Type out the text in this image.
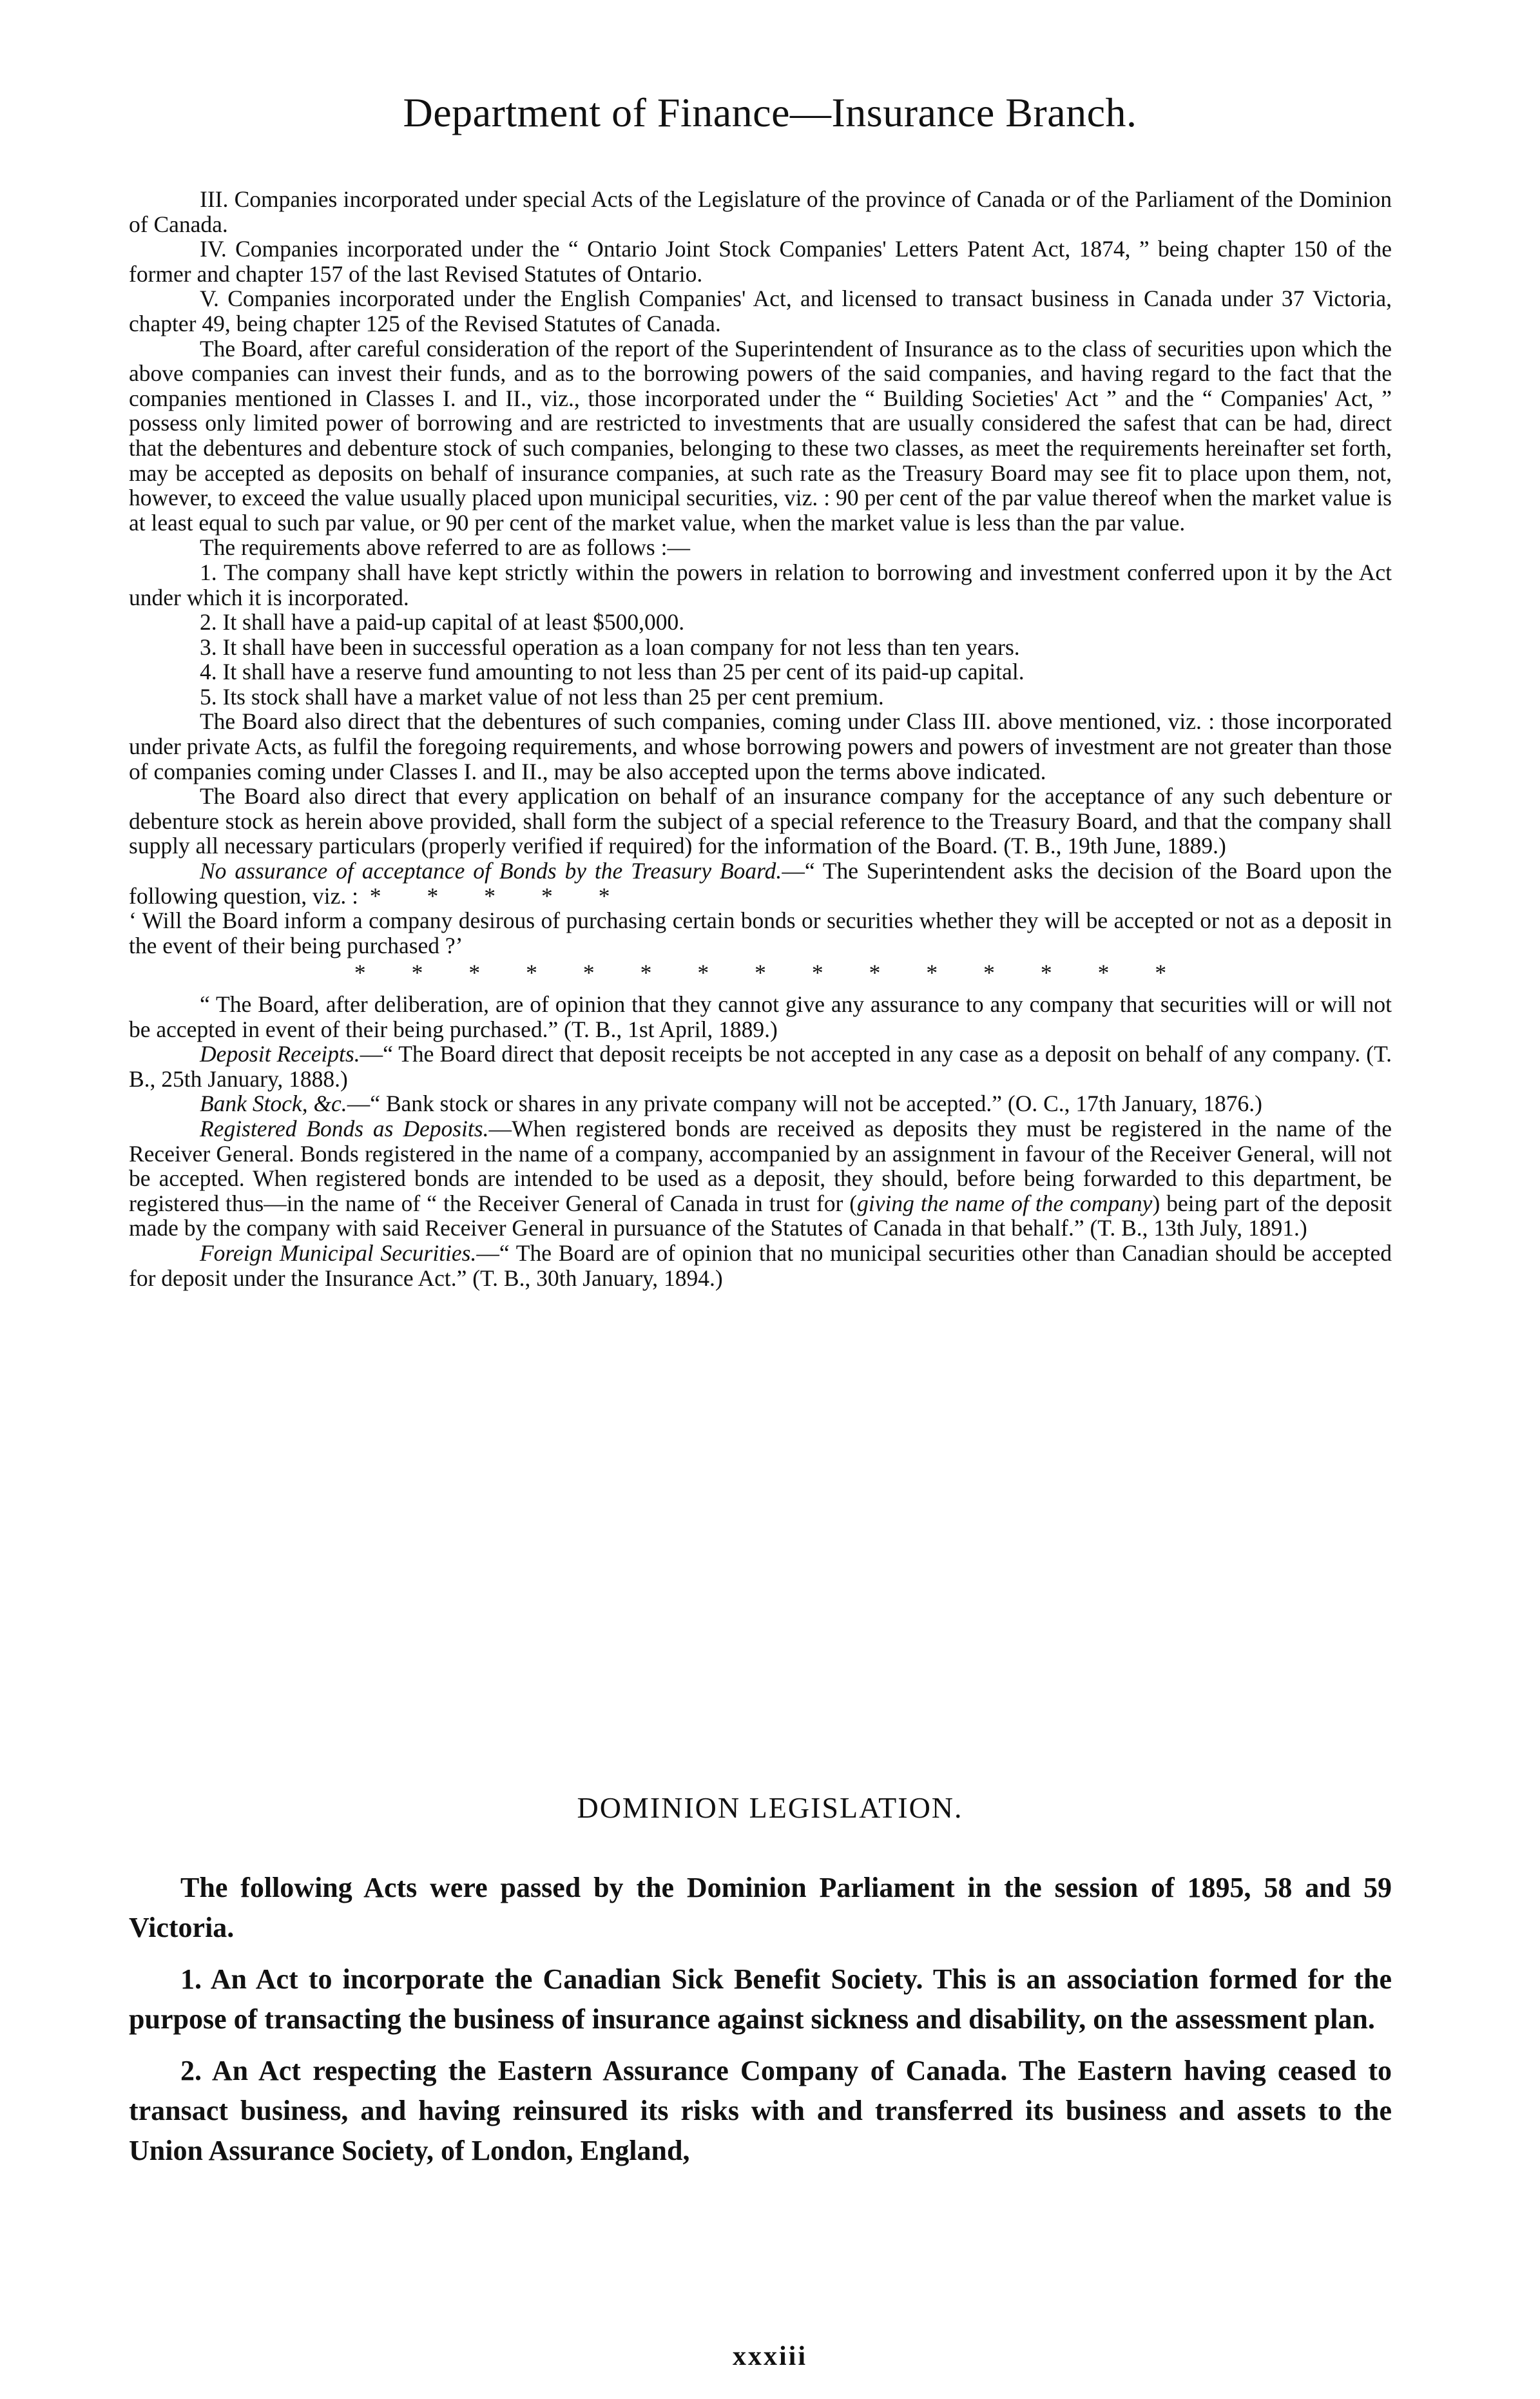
Department of Finance—Insurance Branch.

III. Companies incorporated under special Acts of the Legislature of the province of Canada or of the Parliament of the Dominion of Canada.

IV. Companies incorporated under the “ Ontario Joint Stock Companies' Letters Patent Act, 1874, ” being chapter 150 of the former and chapter 157 of the last Revised Statutes of Ontario.

V. Companies incorporated under the English Companies' Act, and licensed to transact business in Canada under 37 Victoria, chapter 49, being chapter 125 of the Revised Statutes of Canada.

The Board, after careful consideration of the report of the Superintendent of Insurance as to the class of securities upon which the above companies can invest their funds, and as to the borrowing powers of the said companies, and having regard to the fact that the companies mentioned in Classes I. and II., viz., those incorporated under the “ Building Societies' Act ” and the “ Companies' Act, ” possess only limited power of borrowing and are restricted to investments that are usually considered the safest that can be had, direct that the debentures and debenture stock of such companies, belonging to these two classes, as meet the requirements hereinafter set forth, may be accepted as deposits on behalf of insurance companies, at such rate as the Treasury Board may see fit to place upon them, not, however, to exceed the value usually placed upon municipal securities, viz. : 90 per cent of the par value thereof when the market value is at least equal to such par value, or 90 per cent of the market value, when the market value is less than the par value.

The requirements above referred to are as follows :—

1. The company shall have kept strictly within the powers in relation to borrowing and investment conferred upon it by the Act under which it is incorporated.

2. It shall have a paid-up capital of at least $500,000.

3. It shall have been in successful operation as a loan company for not less than ten years.

4. It shall have a reserve fund amounting to not less than 25 per cent of its paid-up capital.

5. Its stock shall have a market value of not less than 25 per cent premium.

The Board also direct that the debentures of such companies, coming under Class III. above mentioned, viz. : those incorporated under private Acts, as fulfil the foregoing requirements, and whose borrowing powers and powers of investment are not greater than those of companies coming under Classes I. and II., may be also accepted upon the terms above indicated.

The Board also direct that every application on behalf of an insurance company for the acceptance of any such debenture or debenture stock as herein above provided, shall form the subject of a special reference to the Treasury Board, and that the company shall supply all necessary particulars (properly verified if required) for the information of the Board. (T. B., 19th June, 1889.)

No assurance of acceptance of Bonds by the Treasury Board.—“ The Superintendent asks the decision of the Board upon the following question, viz. :  *        *        *        *        *

‘ Will the Board inform a company desirous of purchasing certain bonds or securities whether they will be accepted or not as a deposit in the event of their being purchased ?’

*        *        *        *        *        *        *        *        *        *        *        *        *        *        *

“ The Board, after deliberation, are of opinion that they cannot give any assurance to any company that securities will or will not be accepted in event of their being purchased.” (T. B., 1st April, 1889.)

Deposit Receipts.—“ The Board direct that deposit receipts be not accepted in any case as a deposit on behalf of any company. (T. B., 25th January, 1888.)

Bank Stock, &c.—“ Bank stock or shares in any private company will not be accepted.” (O. C., 17th January, 1876.)

Registered Bonds as Deposits.—When registered bonds are received as deposits they must be registered in the name of the Receiver General. Bonds registered in the name of a company, accompanied by an assignment in favour of the Receiver General, will not be accepted. When registered bonds are intended to be used as a deposit, they should, before being forwarded to this department, be registered thus—in the name of “ the Receiver General of Canada in trust for (giving the name of the company) being part of the deposit made by the company with said Receiver General in pursuance of the Statutes of Canada in that behalf.” (T. B., 13th July, 1891.)

Foreign Municipal Securities.—“ The Board are of opinion that no municipal securities other than Canadian should be accepted for deposit under the Insurance Act.” (T. B., 30th January, 1894.)

DOMINION LEGISLATION.

The following Acts were passed by the Dominion Parliament in the session of 1895, 58 and 59 Victoria.

1. An Act to incorporate the Canadian Sick Benefit Society. This is an association formed for the purpose of transacting the business of insurance against sickness and disability, on the assessment plan.

2. An Act respecting the Eastern Assurance Company of Canada. The Eastern having ceased to transact business, and having reinsured its risks with and transferred its business and assets to the Union Assurance Society, of London, England,

xxxiii
